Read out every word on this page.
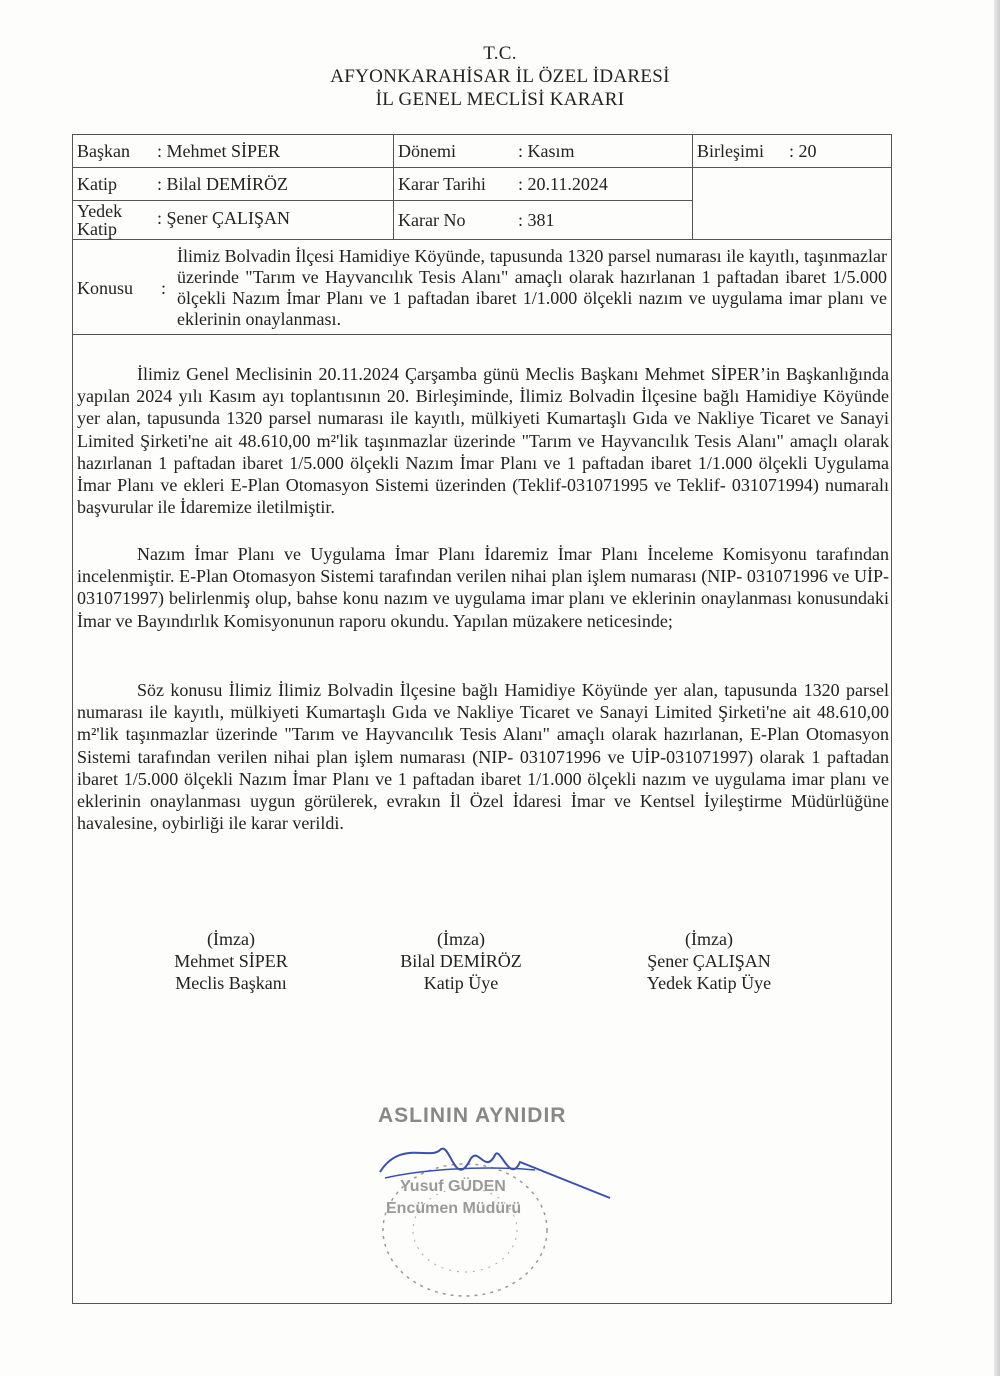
T.C.
AFYONKARAHİSAR İL ÖZEL İDARESİ
İL GENEL MECLİSİ KARARI
Başkan : Mehmet SİPER	Dönemi : Kasım	Birleşimi : 20
Katip : Bilal DEMİRÖZ	Karar Tarihi : 20.11.2024	
Yedek
Katip: Şener ÇALIŞAN	Karar No : 381	

Konusu :
İlimiz Bolvadin İlçesi Hamidiye Köyünde, tapusunda 1320 parsel numarası ile kayıtlı, taşınmazlar üzerinde "Tarım ve Hayvancılık Tesis Alanı" amaçlı olarak hazırlanan 1 paftadan ibaret 1/5.000 ölçekli Nazım İmar Planı ve 1 paftadan ibaret 1/1.000 ölçekli nazım ve uygulama imar planı ve eklerinin onaylanması.		

İlimiz Genel Meclisinin 20.11.2024 Çarşamba günü Meclis Başkanı Mehmet SİPER’in Başkanlığında yapılan 2024 yılı Kasım ayı toplantısının 20. Birleşiminde, İlimiz Bolvadin İlçesine bağlı Hamidiye Köyünde yer alan, tapusunda 1320 parsel numarası ile kayıtlı, mülkiyeti Kumartaşlı Gıda ve Nakliye Ticaret ve Sanayi Limited Şirketi'ne ait 48.610,00 m²'lik taşınmazlar üzerinde "Tarım ve Hayvancılık Tesis Alanı" amaçlı olarak hazırlanan 1 paftadan ibaret 1/5.000 ölçekli Nazım İmar Planı ve 1 paftadan ibaret 1/1.000 ölçekli Uygulama İmar Planı ve ekleri E-Plan Otomasyon Sistemi üzerinden (Teklif-031071995 ve Teklif- 031071994) numaralı başvurular ile İdaremize iletilmiştir.

Nazım İmar Planı ve Uygulama İmar Planı İdaremiz İmar Planı İnceleme Komisyonu tarafından incelenmiştir. E-Plan Otomasyon Sistemi tarafından verilen nihai plan işlem numarası (NIP- 031071996 ve UİP-031071997) belirlenmiş olup, bahse konu nazım ve uygulama imar planı ve eklerinin onaylanması konusundaki İmar ve Bayındırlık Komisyonunun raporu okundu. Yapılan müzakere neticesinde;

Söz konusu İlimiz İlimiz Bolvadin İlçesine bağlı Hamidiye Köyünde yer alan, tapusunda 1320 parsel numarası ile kayıtlı, mülkiyeti Kumartaşlı Gıda ve Nakliye Ticaret ve Sanayi Limited Şirketi'ne ait 48.610,00 m²'lik taşınmazlar üzerinde "Tarım ve Hayvancılık Tesis Alanı" amaçlı olarak hazırlanan, E-Plan Otomasyon Sistemi tarafından verilen nihai plan işlem numarası (NIP- 031071996 ve UİP-031071997) olarak 1 paftadan ibaret 1/5.000 ölçekli Nazım İmar Planı ve 1 paftadan ibaret 1/1.000 ölçekli nazım ve uygulama imar planı ve eklerinin onaylanması uygun görülerek, evrakın İl Özel İdaresi İmar ve Kentsel İyileştirme Müdürlüğüne havalesine, oybirliği ile karar verildi.

(İmza)
Mehmet SİPER
Meclis Başkanı
(İmza)
Bilal DEMİRÖZ
Katip Üye
(İmza)
Şener ÇALIŞAN
Yedek Katip Üye
ASLININ AYNIDIR
Yusuf GÜDEN
Encümen Müdürü
